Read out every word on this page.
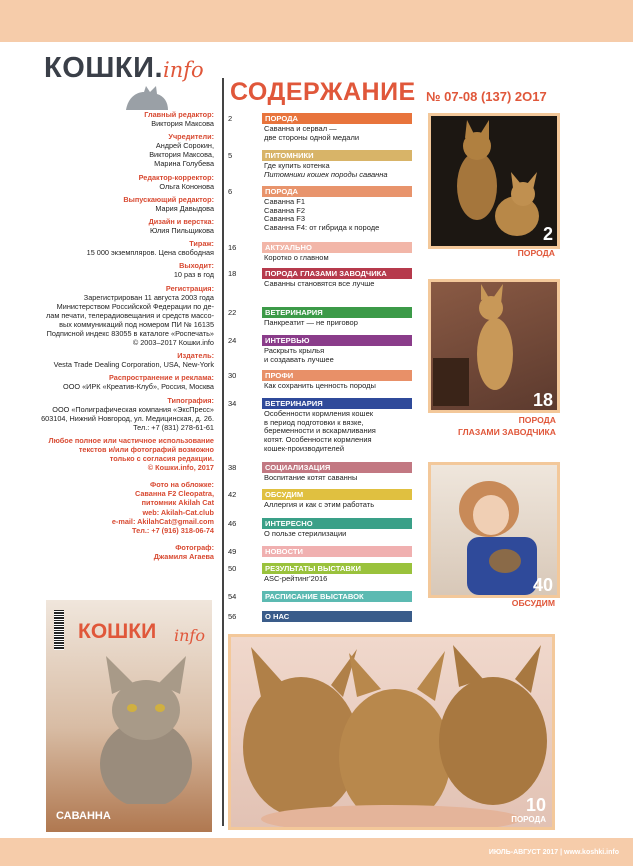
КОШКИ.info
Главный редактор:
Виктория Максова
Учредители:
Андрей Сорокин,
Виктория Максова,
Марина Голубева
Редактор-корректор:
Ольга Кононова
Выпускающий редактор:
Мария Давыдова
Дизайн и верстка:
Юлия Пильщикова
Тираж:
15 000 экземпляров. Цена свободная
Выходит:
10 раз в год
Регистрация:
Зарегистрирован 11 августа 2003 года
Министерством Российской Федерации по де-
лам печати, телерадиовещания и средств массо-
вых коммуникаций под номером ПИ № 16135
Подписной индекс 83055 в каталоге «Роспечать»
© 2003–2017 Кошки.info
Издатель:
Vesta Trade Dealing Corporation, USA, New-York
Распространение и реклама:
ООО «ИРК «Креатив-Клуб», Россия, Москва
Типография:
ООО «Полиграфическая компания «ЭксПресс»
603104, Нижний Новгород, ул. Медицинская, д. 26.
Тел.: +7 (831) 278-61-61
Любое полное или частичное использование
текстов и/или фотографий возможно
только с согласия редакции.
© Кошки.info, 2017
Фото на обложке:
Саванна F2 Cleopatra,
питомник Akilah Cat
web: Akilah-Cat.club
e-mail: AkilahCat@gmail.com
Тел.: +7 (916) 318-06-74
Фотограф:
Джамиля Агаева
СОДЕРЖАНИЕ № 07-08 (137) 2О17
2	ПОРОДА
Саванна и сервал —
две стороны одной медали
5	ПИТОМНИКИ
Где купить котенка
Питомники кошек породы саванна
6	ПОРОДА
Саванна F1
Саванна F2
Саванна F3
Саванна F4: от гибрида к породе
16	АКТУАЛЬНО
Коротко о главном
18	ПОРОДА ГЛАЗАМИ ЗАВОДЧИКА
Саванны становятся все лучше
22	ВЕТЕРИНАРИЯ
Панкреатит — не приговор
24	ИНТЕРВЬЮ
Раскрыть крылья
и создавать лучшее
30	ПРОФИ
Как сохранить ценность породы
34	ВЕТЕРИНАРИЯ
Особенности кормления кошек
в период подготовки к вязке,
беременности и вскармливания
котят. Особенности кормления
кошек-производителей
38	СОЦИАЛИЗАЦИЯ
Воспитание котят саванны
42	ОБСУДИМ
Аллергия и как с этим работать
46	ИНТЕРЕСНО
О пользе стерилизации
49	НОВОСТИ
50	РЕЗУЛЬТАТЫ ВЫСТАВКИ
ASC-рейтинг’2016
54	РАСПИСАНИЕ ВЫСТАВОК
56	О НАС
2
ПОРОДА
18
ПОРОДА
ГЛАЗАМИ ЗАВОДЧИКА
40
ОБСУДИМ
10
ПОРОДА
КОШКИ info
САВАННА
ИЮЛЬ-АВГУСТ 2017 | www.koshki.info
